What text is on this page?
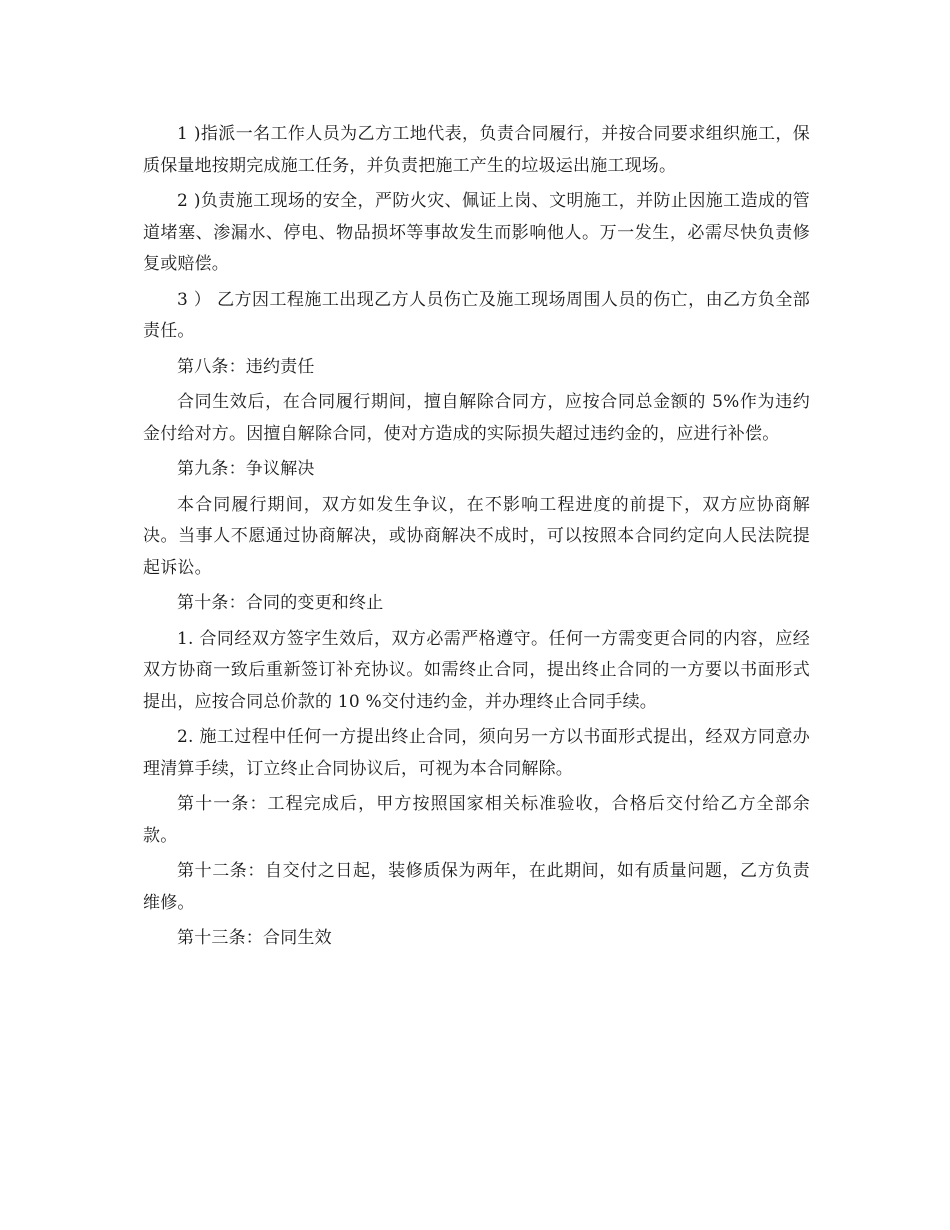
1 )指派一名工作人员为乙方工地代表，负责合同履行，并按合同要求组织施工，保质保量地按期完成施工任务，并负责把施工产生的垃圾运出施工现场。

2 )负责施工现场的安全，严防火灾、佩证上岗、文明施工，并防止因施工造成的管道堵塞、渗漏水、停电、物品损坏等事故发生而影响他人。万一发生，必需尽快负责修复或赔偿。

3 ） 乙方因工程施工出现乙方人员伤亡及施工现场周围人员的伤亡，由乙方负全部责任。

第八条：违约责任

合同生效后，在合同履行期间，擅自解除合同方，应按合同总金额的 5%作为违约金付给对方。因擅自解除合同，使对方造成的实际损失超过违约金的，应进行补偿。

第九条：争议解决

本合同履行期间，双方如发生争议，在不影响工程进度的前提下，双方应协商解决。当事人不愿通过协商解决，或协商解决不成时，可以按照本合同约定向人民法院提起诉讼。

第十条：合同的变更和终止

1. 合同经双方签字生效后，双方必需严格遵守。任何一方需变更合同的内容，应经双方协商一致后重新签订补充协议。如需终止合同，提出终止合同的一方要以书面形式提出，应按合同总价款的 10 %交付违约金，并办理终止合同手续。

2. 施工过程中任何一方提出终止合同，须向另一方以书面形式提出，经双方同意办理清算手续，订立终止合同协议后，可视为本合同解除。

第十一条：工程完成后，甲方按照国家相关标准验收，合格后交付给乙方全部余款。

第十二条：自交付之日起，装修质保为两年，在此期间，如有质量问题，乙方负责维修。

第十三条：合同生效
